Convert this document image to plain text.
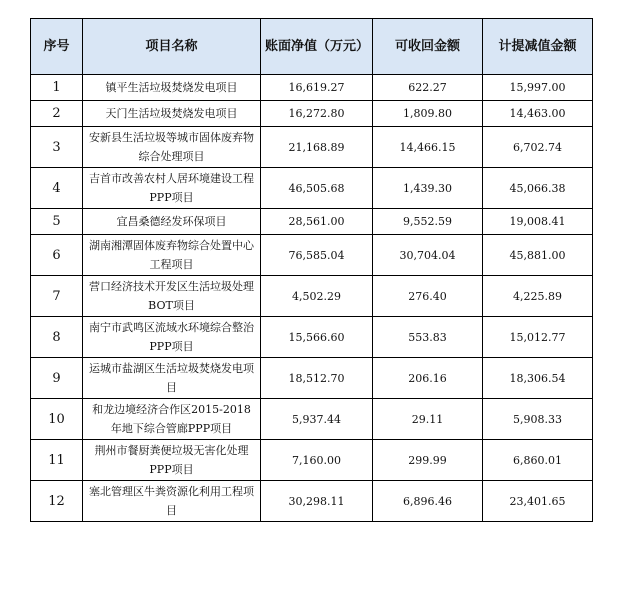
序号	项目名称	账面净值（万元）	可收回金额	计提减值金额
1	镇平生活垃圾焚烧发电项目	16,619.27	622.27	15,997.00
2	天门生活垃圾焚烧发电项目	16,272.80	1,809.80	14,463.00
3	安新县生活垃圾等城市固体废弃物综合处理项目	21,168.89	14,466.15	6,702.74
4	吉首市改善农村人居环境建设工程PPP项目	46,505.68	1,439.30	45,066.38
5	宜昌桑德经发环保项目	28,561.00	9,552.59	19,008.41
6	湖南湘潭固体废弃物综合处置中心工程项目	76,585.04	30,704.04	45,881.00
7	营口经济技术开发区生活垃圾处理BOT项目	4,502.29	276.40	4,225.89
8	南宁市武鸣区流域水环境综合整治PPP项目	15,566.60	553.83	15,012.77
9	运城市盐湖区生活垃圾焚烧发电项目	18,512.70	206.16	18,306.54
10	和龙边境经济合作区2015-2018年地下综合管廊PPP项目	5,937.44	29.11	5,908.33
11	荆州市餐厨粪便垃圾无害化处理PPP项目	7,160.00	299.99	6,860.01
12	塞北管理区牛粪资源化利用工程项目	30,298.11	6,896.46	23,401.65
